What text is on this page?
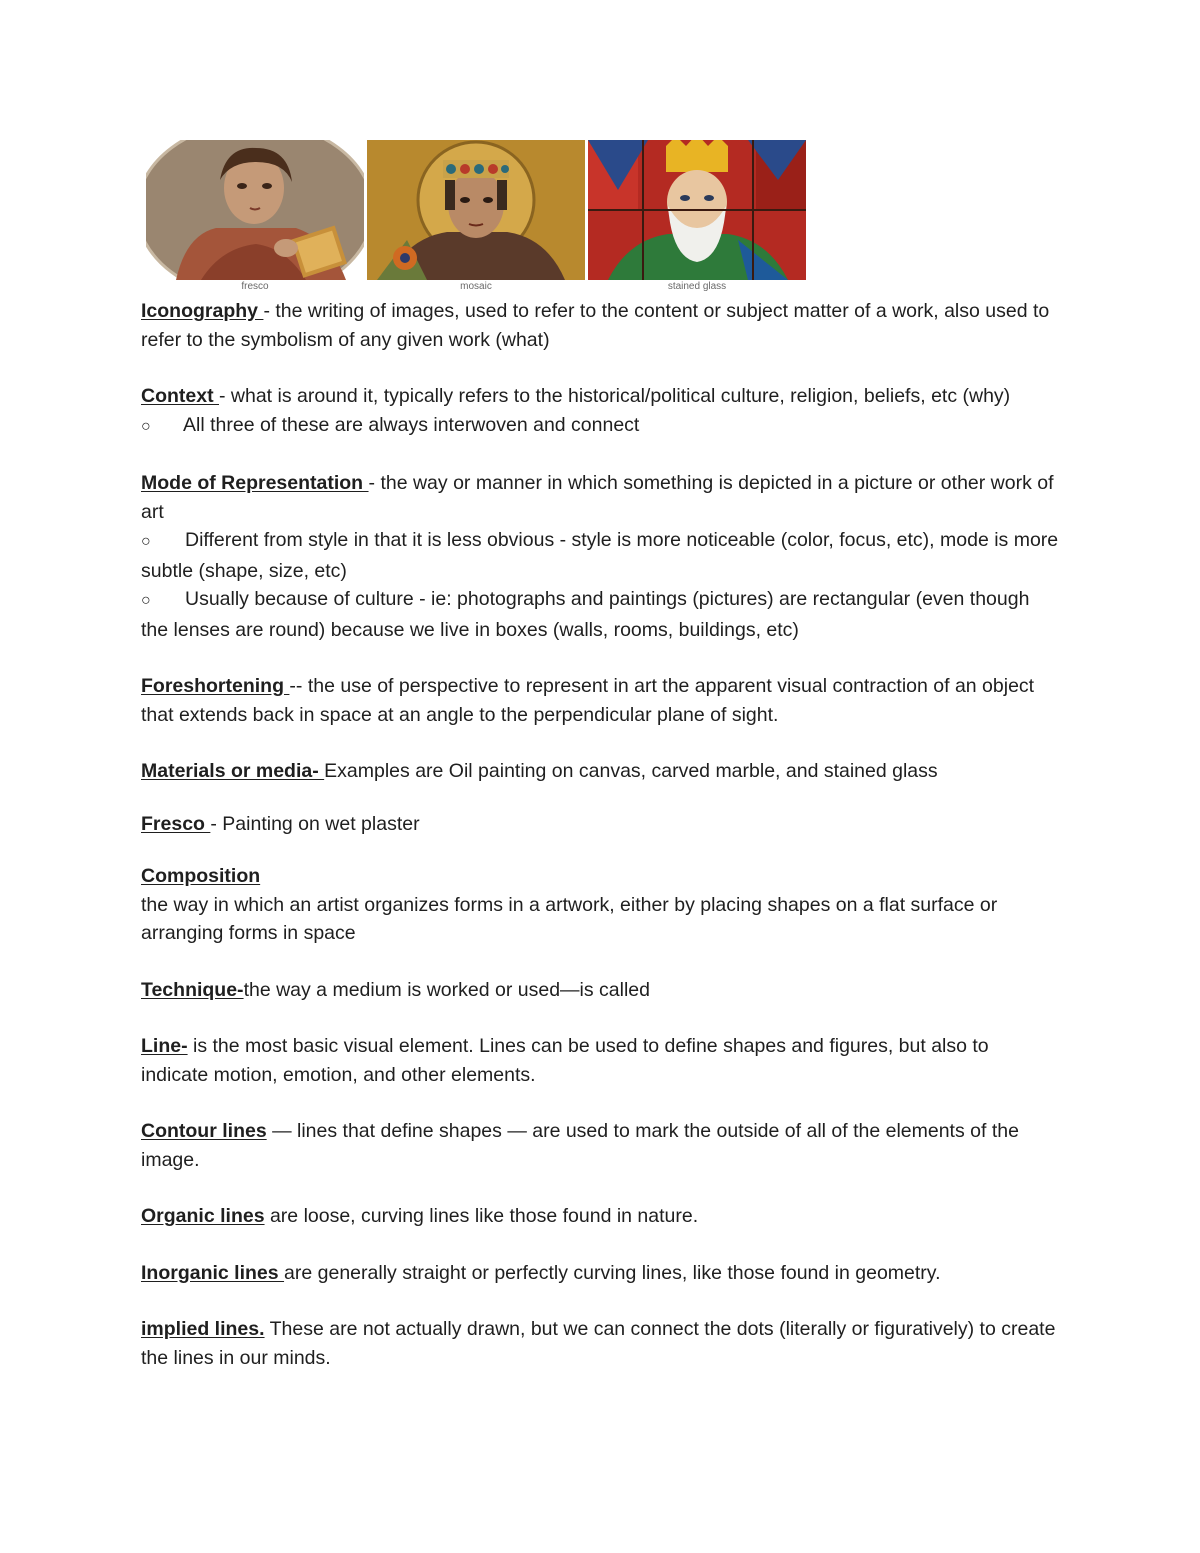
fresco	mosaic	stained glass

Iconography - the writing of images, used to refer to the content or subject matter of a work, also used to refer to the symbolism of any given work (what)

Context - what is around it, typically refers to the historical/political culture, religion, beliefs, etc (why)

○ All three of these are always interwoven and connect

Mode of Representation - the way or manner in which something is depicted in a picture or other work of art

○ Different from style in that it is less obvious - style is more noticeable (color, focus, etc), mode is more subtle (shape, size, etc)

○ Usually because of culture - ie: photographs and paintings (pictures) are rectangular (even though the lenses are round) because we live in boxes (walls, rooms, buildings, etc)

Foreshortening -- the use of perspective to represent in art the apparent visual contraction of an object that extends back in space at an angle to the perpendicular plane of sight.

Materials or media- Examples are Oil painting on canvas, carved marble, and stained glass

Fresco - Painting on wet plaster

Composition

the way in which an artist organizes forms in a artwork, either by placing shapes on a flat surface or arranging forms in space

Technique-the way a medium is worked or used—is called

Line- is the most basic visual element. Lines can be used to define shapes and figures, but also to indicate motion, emotion, and other elements.

Contour lines — lines that define shapes — are used to mark the outside of all of the elements of the image.

Organic lines are loose, curving lines like those found in nature.

Inorganic lines are generally straight or perfectly curving lines, like those found in geometry.

implied lines. These are not actually drawn, but we can connect the dots (literally or figuratively) to create the lines in our minds.
